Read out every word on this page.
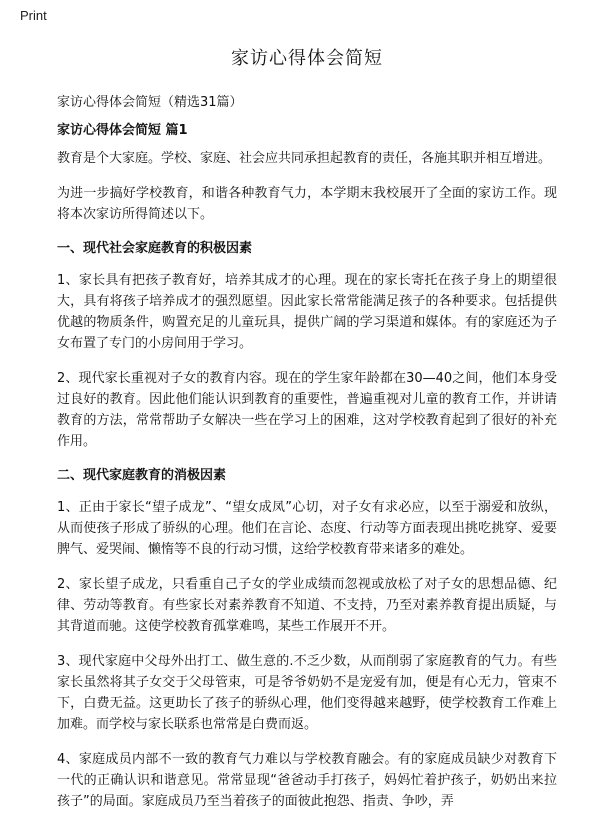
Print
家访心得体会简短
家访心得体会简短（精选31篇）
家访心得体会简短 篇1

教育是个大家庭。学校、家庭、社会应共同承担起教育的责任，各施其职并相互增进。

为进一步搞好学校教育，和谐各种教育气力，本学期末我校展开了全面的家访工作。现将本次家访所得简述以下。

一、现代社会家庭教育的积极因素

1、家长具有把孩子教育好，培养其成才的心理。现在的家长寄托在孩子身上的期望很大，具有将孩子培养成才的强烈愿望。因此家长常常能满足孩子的各种要求。包括提供优越的物质条件，购置充足的儿童玩具，提供广阔的学习渠道和媒体。有的家庭还为子女布置了专门的小房间用于学习。

2、现代家长重视对子女的教育内容。现在的学生家年龄都在30—40之间，他们本身受过良好的教育。因此他们能认识到教育的重要性，普遍重视对儿童的教育工作，并讲请教育的方法，常常帮助子女解决一些在学习上的困难，这对学校教育起到了很好的补充作用。

二、现代家庭教育的消极因素

1、正由于家长“望子成龙”、“望女成凤”心切，对子女有求必应，以至于溺爱和放纵，从而使孩子形成了骄纵的心理。他们在言论、态度、行动等方面表现出挑吃挑穿、爱要脾气、爱哭闹、懒惰等不良的行动习惯，这给学校教育带来诸多的难处。

2、家长望子成龙，只看重自己子女的学业成绩而忽视或放松了对子女的思想品德、纪律、劳动等教育。有些家长对素养教育不知道、不支持，乃至对素养教育提出质疑，与其背道而驰。这使学校教育孤掌难鸣，某些工作展开不开。

3、现代家庭中父母外出打工、做生意的.不乏少数，从而削弱了家庭教育的气力。有些家长虽然将其子女交于父母管束，可是爷爷奶奶不是宠爱有加，便是有心无力，管束不下，白费无益。这更助长了孩子的骄纵心理，他们变得越来越野，使学校教育工作难上加难。而学校与家长联系也常常是白费而返。

4、家庭成员内部不一致的教育气力难以与学校教育融会。有的家庭成员缺少对教育下一代的正确认识和谐意见。常常显现“爸爸动手打孩子，妈妈忙着护孩子，奶奶出来拉孩子”的局面。家庭成员乃至当着孩子的面彼此抱怨、指责、争吵，弄
